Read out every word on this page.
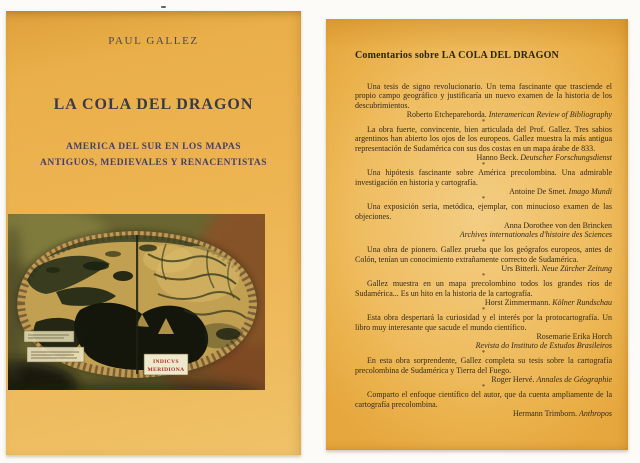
PAUL GALLEZ
LA COLA DEL DRAGON
AMERICA DEL SUR EN LOS MAPAS
ANTIGUOS, MEDIEVALES Y RENACENTISTAS
INDICVS
MERIDIONA
Comentarios sobre LA COLA DEL DRAGON

Una tesis de signo revolucionario. Un tema fascinante que trasciende el propio campo geográfico y justificaría un nuevo examen de la historia de los descubrimientos.

Roberto Etchepareborda. Interamerican Review of Bibliography
*

La obra fuerte, convincente, bien articulada del Prof. Gallez. Tres sabios argentinos han abierto los ojos de los europeos. Gallez muestra la más antigua representación de Sudamérica con sus dos costas en un mapa árabe de 833.

Hanno Beck. Deutscher Forschungsdienst
*

Una hipótesis fascinante sobre América precolombina. Una admirable investigación en historia y cartografía.

Antoine De Smet. Imago Mundi
*

Una exposición seria, metódica, ejemplar, con minucioso examen de las objeciones.

Anna Dorothee von den Brincken
Archives internationales d'histoire des Sciences
*

Una obra de pionero. Gallez prueba que los geógrafos europeos, antes de Colón, tenían un conocimiento extrañamente correcto de Sudamérica.

Urs Bitterli. Neue Zürcher Zeitung
*

Gallez muestra en un mapa precolombino todos los grandes ríos de Sudamérica... Es un hito en la historia de la cartografía.

Horst Zimmermann. Kölner Rundschau
*

Esta obra despertará la curiosidad y el interés por la protocartografía. Un libro muy interesante que sacude el mundo científico.

Rosemarie Erika Horch
Revista do Instituto de Estudos Brasileiros
*

En esta obra sorprendente, Gallez completa su tesis sobre la cartografía precolombina de Sudamérica y Tierra del Fuego.

Roger Hervé. Annales de Géographie
*

Comparto el enfoque científico del autor, que da cuenta ampliamente de la cartografía precolombina.

Hermann Trimborn. Anthropos
